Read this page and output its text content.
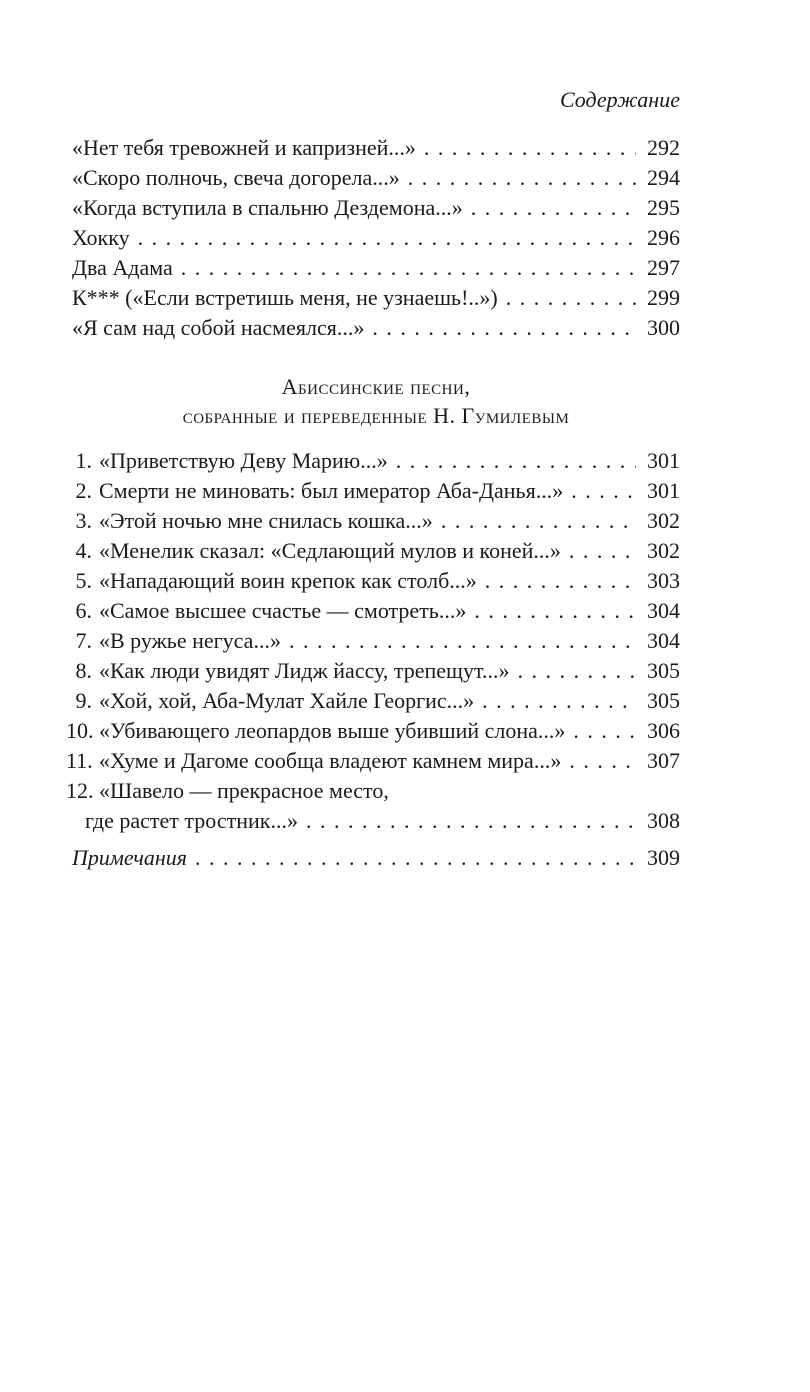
Содержание
«Нет тебя тревожней и капризней...» . . .	292
«Скоро полночь, свеча догорела...» . . .	294
«Когда вступила в спальню Дездемона...» . . .	295
Хокку . . .	296
Два Адама . . .	297
К*** («Если встретишь меня, не узнаешь!..») . . .	299
«Я сам над собой насмеялся...» . . .	300
Абиссинские песни,
собранные и переведенные Н. Гумилевым
1. «Приветствую Деву Марию...» . . .	301
2. Смерти не миновать: был имератор Аба-Данья...» . . .	301
3. «Этой ночью мне снилась кошка...» . . .	302
4. «Менелик сказал: «Седлающий мулов и коней...» . . .	302
5. «Нападающий воин крепок как столб...» . . .	303
6. «Самое высшее счастье — смотреть...» . . .	304
7. «В ружье негуса...» . . .	304
8. «Как люди увидят Лидж йассу, трепещут...» . . .	305
9. «Хой, хой, Аба-Мулат Хайле Георгис...» . . .	305
10. «Убивающего леопардов выше убивший слона...» . . .	306
11. «Хуме и Дагоме сообща владеют камнем мира...» . . .	307
12. «Шавело — прекрасное место,
где растет тростник...» . . .	308
Примечания . . .	309
